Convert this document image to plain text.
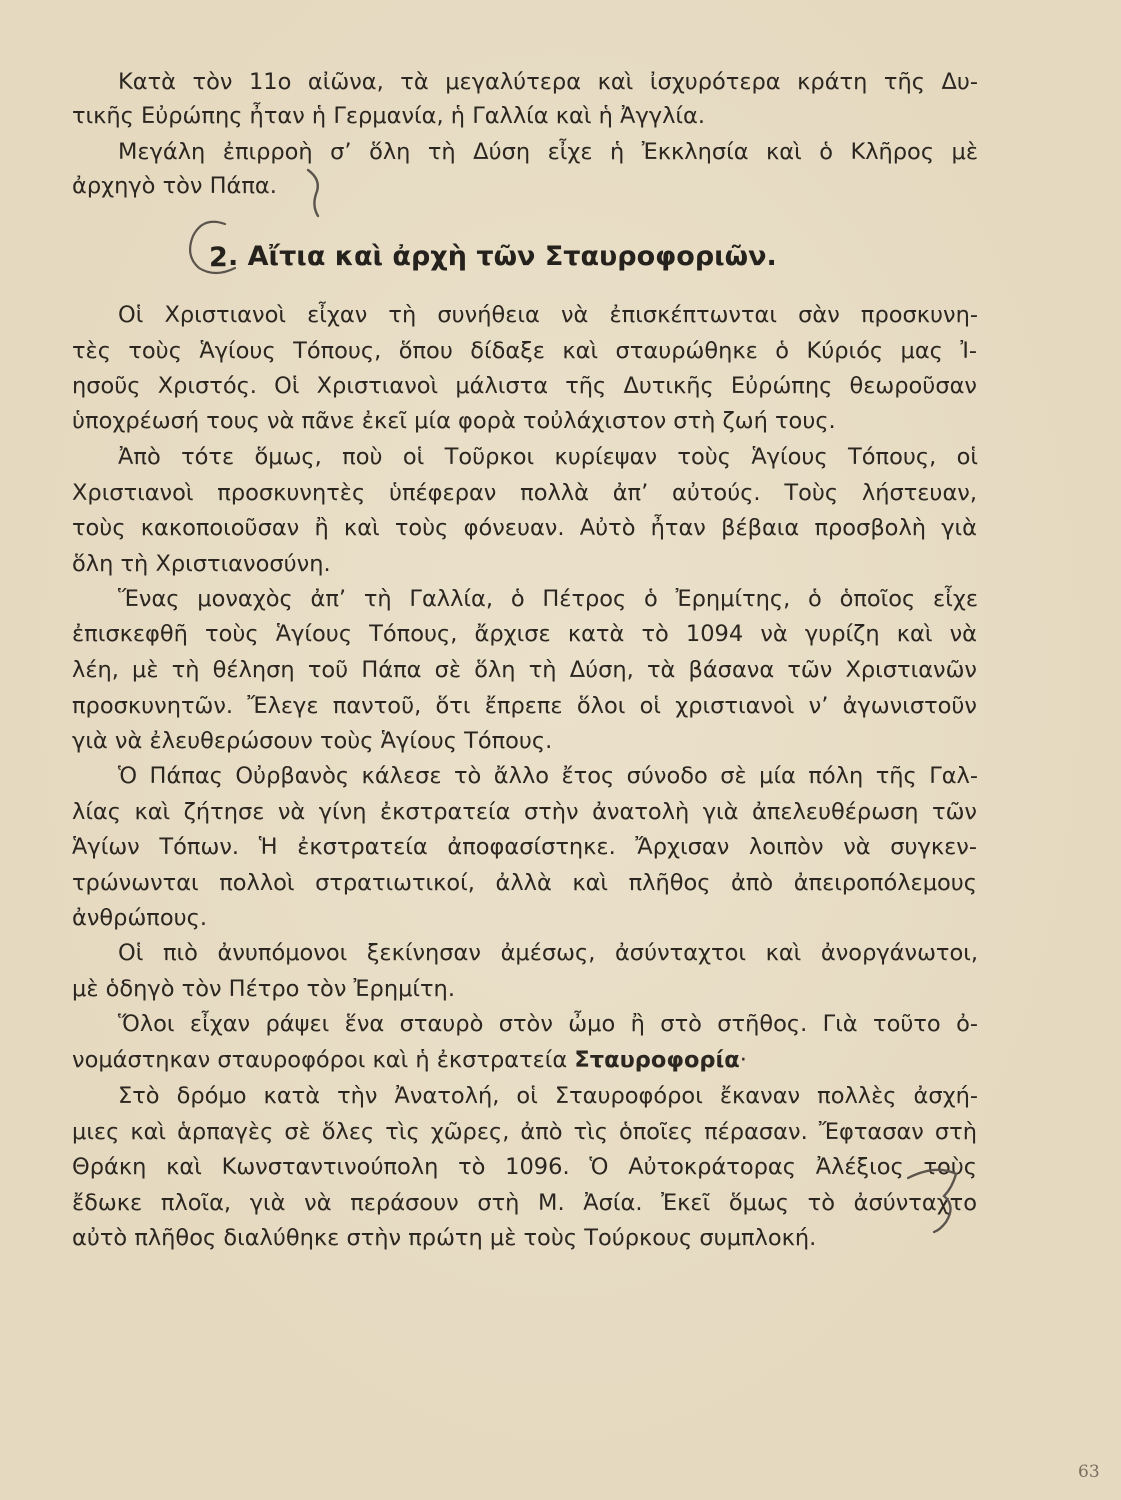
Κατὰ τὸν 11ο αἰῶνα, τὰ μεγαλύτερα καὶ ἰσχυρότερα κράτη τῆς Δυ-
τικῆς Εὐρώπης ἦταν ἡ Γερμανία, ἡ Γαλλία καὶ ἡ Ἀγγλία.
Μεγάλη ἐπιρροὴ σ’ ὅλη τὴ Δύση εἶχε ἡ Ἐκκλησία καὶ ὁ Κλῆρος μὲ
ἀρχηγὸ τὸν Πάπα.
2 . Αἴτια καὶ ἀρχὴ τῶν Σταυροφοριῶν.
Οἱ Χριστιανοὶ εἶχαν τὴ συνήθεια νὰ ἐπισκέπτωνται σὰν προσκυνη-
τὲς τοὺς Ἁγίους Τόπους, ὅπου δίδαξε καὶ σταυρώθηκε ὁ Κύριός μας Ἰ-
ησοῦς Χριστός. Οἱ Χριστιανοὶ μάλιστα τῆς Δυτικῆς Εὐρώπης θεωροῦσαν
ὑποχρέωσή τους νὰ πᾶνε ἐκεῖ μία φορὰ τοὐλάχιστον στὴ ζωή τους.
Ἀπὸ τότε ὅμως, ποὺ οἱ Τοῦρκοι κυρίεψαν τοὺς Ἁγίους Τόπους, οἱ
Χριστιανοὶ προσκυνητὲς ὑπέφεραν πολλὰ ἀπ’ αὐτούς. Τοὺς λήστευαν,
τοὺς κακοποιοῦσαν ἢ καὶ τοὺς φόνευαν. Αὐτὸ ἦταν βέβαια προσβολὴ γιὰ
ὅλη τὴ Χριστιανοσύνη.
Ἕνας μοναχὸς ἀπ’ τὴ Γαλλία, ὁ Πέτρος ὁ Ἐρημίτης, ὁ ὁποῖος εἶχε
ἐπισκεφθῆ τοὺς Ἁγίους Τόπους, ἄρχισε κατὰ τὸ 1094 νὰ γυρίζη καὶ νὰ
λέη, μὲ τὴ θέληση τοῦ Πάπα σὲ ὅλη τὴ Δύση, τὰ βάσανα τῶν Χριστιανῶν
προσκυνητῶν. Ἔλεγε παντοῦ, ὅτι ἔπρεπε ὅλοι οἱ χριστιανοὶ ν’ ἀγωνιστοῦν
γιὰ νὰ ἐλευθερώσουν τοὺς Ἁγίους Τόπους.
Ὁ Πάπας Οὐρβανὸς κάλεσε τὸ ἄλλο ἔτος σύνοδο σὲ μία πόλη τῆς Γαλ-
λίας καὶ ζήτησε νὰ γίνη ἐκστρατεία στὴν ἀνατολὴ γιὰ ἀπελευθέρωση τῶν
Ἁγίων Τόπων. Ἡ ἐκστρατεία ἀποφασίστηκε. Ἄρχισαν λοιπὸν νὰ συγκεν-
τρώνωνται πολλοὶ στρατιωτικοί, ἀλλὰ καὶ πλῆθος ἀπὸ ἀπειροπόλεμους
ἀνθρώπους.
Οἱ πιὸ ἀνυπόμονοι ξεκίνησαν ἀμέσως, ἀσύνταχτοι καὶ ἀνοργάνωτοι,
μὲ ὁδηγὸ τὸν Πέτρο τὸν Ἐρημίτη.
Ὅλοι εἶχαν ράψει ἕνα σταυρὸ στὸν ὦμο ἢ στὸ στῆθος. Γιὰ τοῦτο ὀ-
νομάστηκαν σταυροφόροι καὶ ἡ ἐκστρατεία Σταυροφορία·
Στὸ δρόμο κατὰ τὴν Ἀνατολή, οἱ Σταυροφόροι ἔκαναν πολλὲς ἀσχή-
μιες καὶ ἁρπαγὲς σὲ ὅλες τὶς χῶρες, ἀπὸ τὶς ὁποῖες πέρασαν. Ἔφτασαν στὴ
Θράκη καὶ Κωνσταντινούπολη τὸ 1096. Ὁ Αὐτοκράτορας Ἀλέξιος τοὺς
ἔδωκε πλοῖα, γιὰ νὰ περάσουν στὴ Μ. Ἀσία. Ἐκεῖ ὅμως τὸ ἀσύνταχτο
αὐτὸ πλῆθος διαλύθηκε στὴν πρώτη μὲ τοὺς Τούρκους συμπλοκή.
63
